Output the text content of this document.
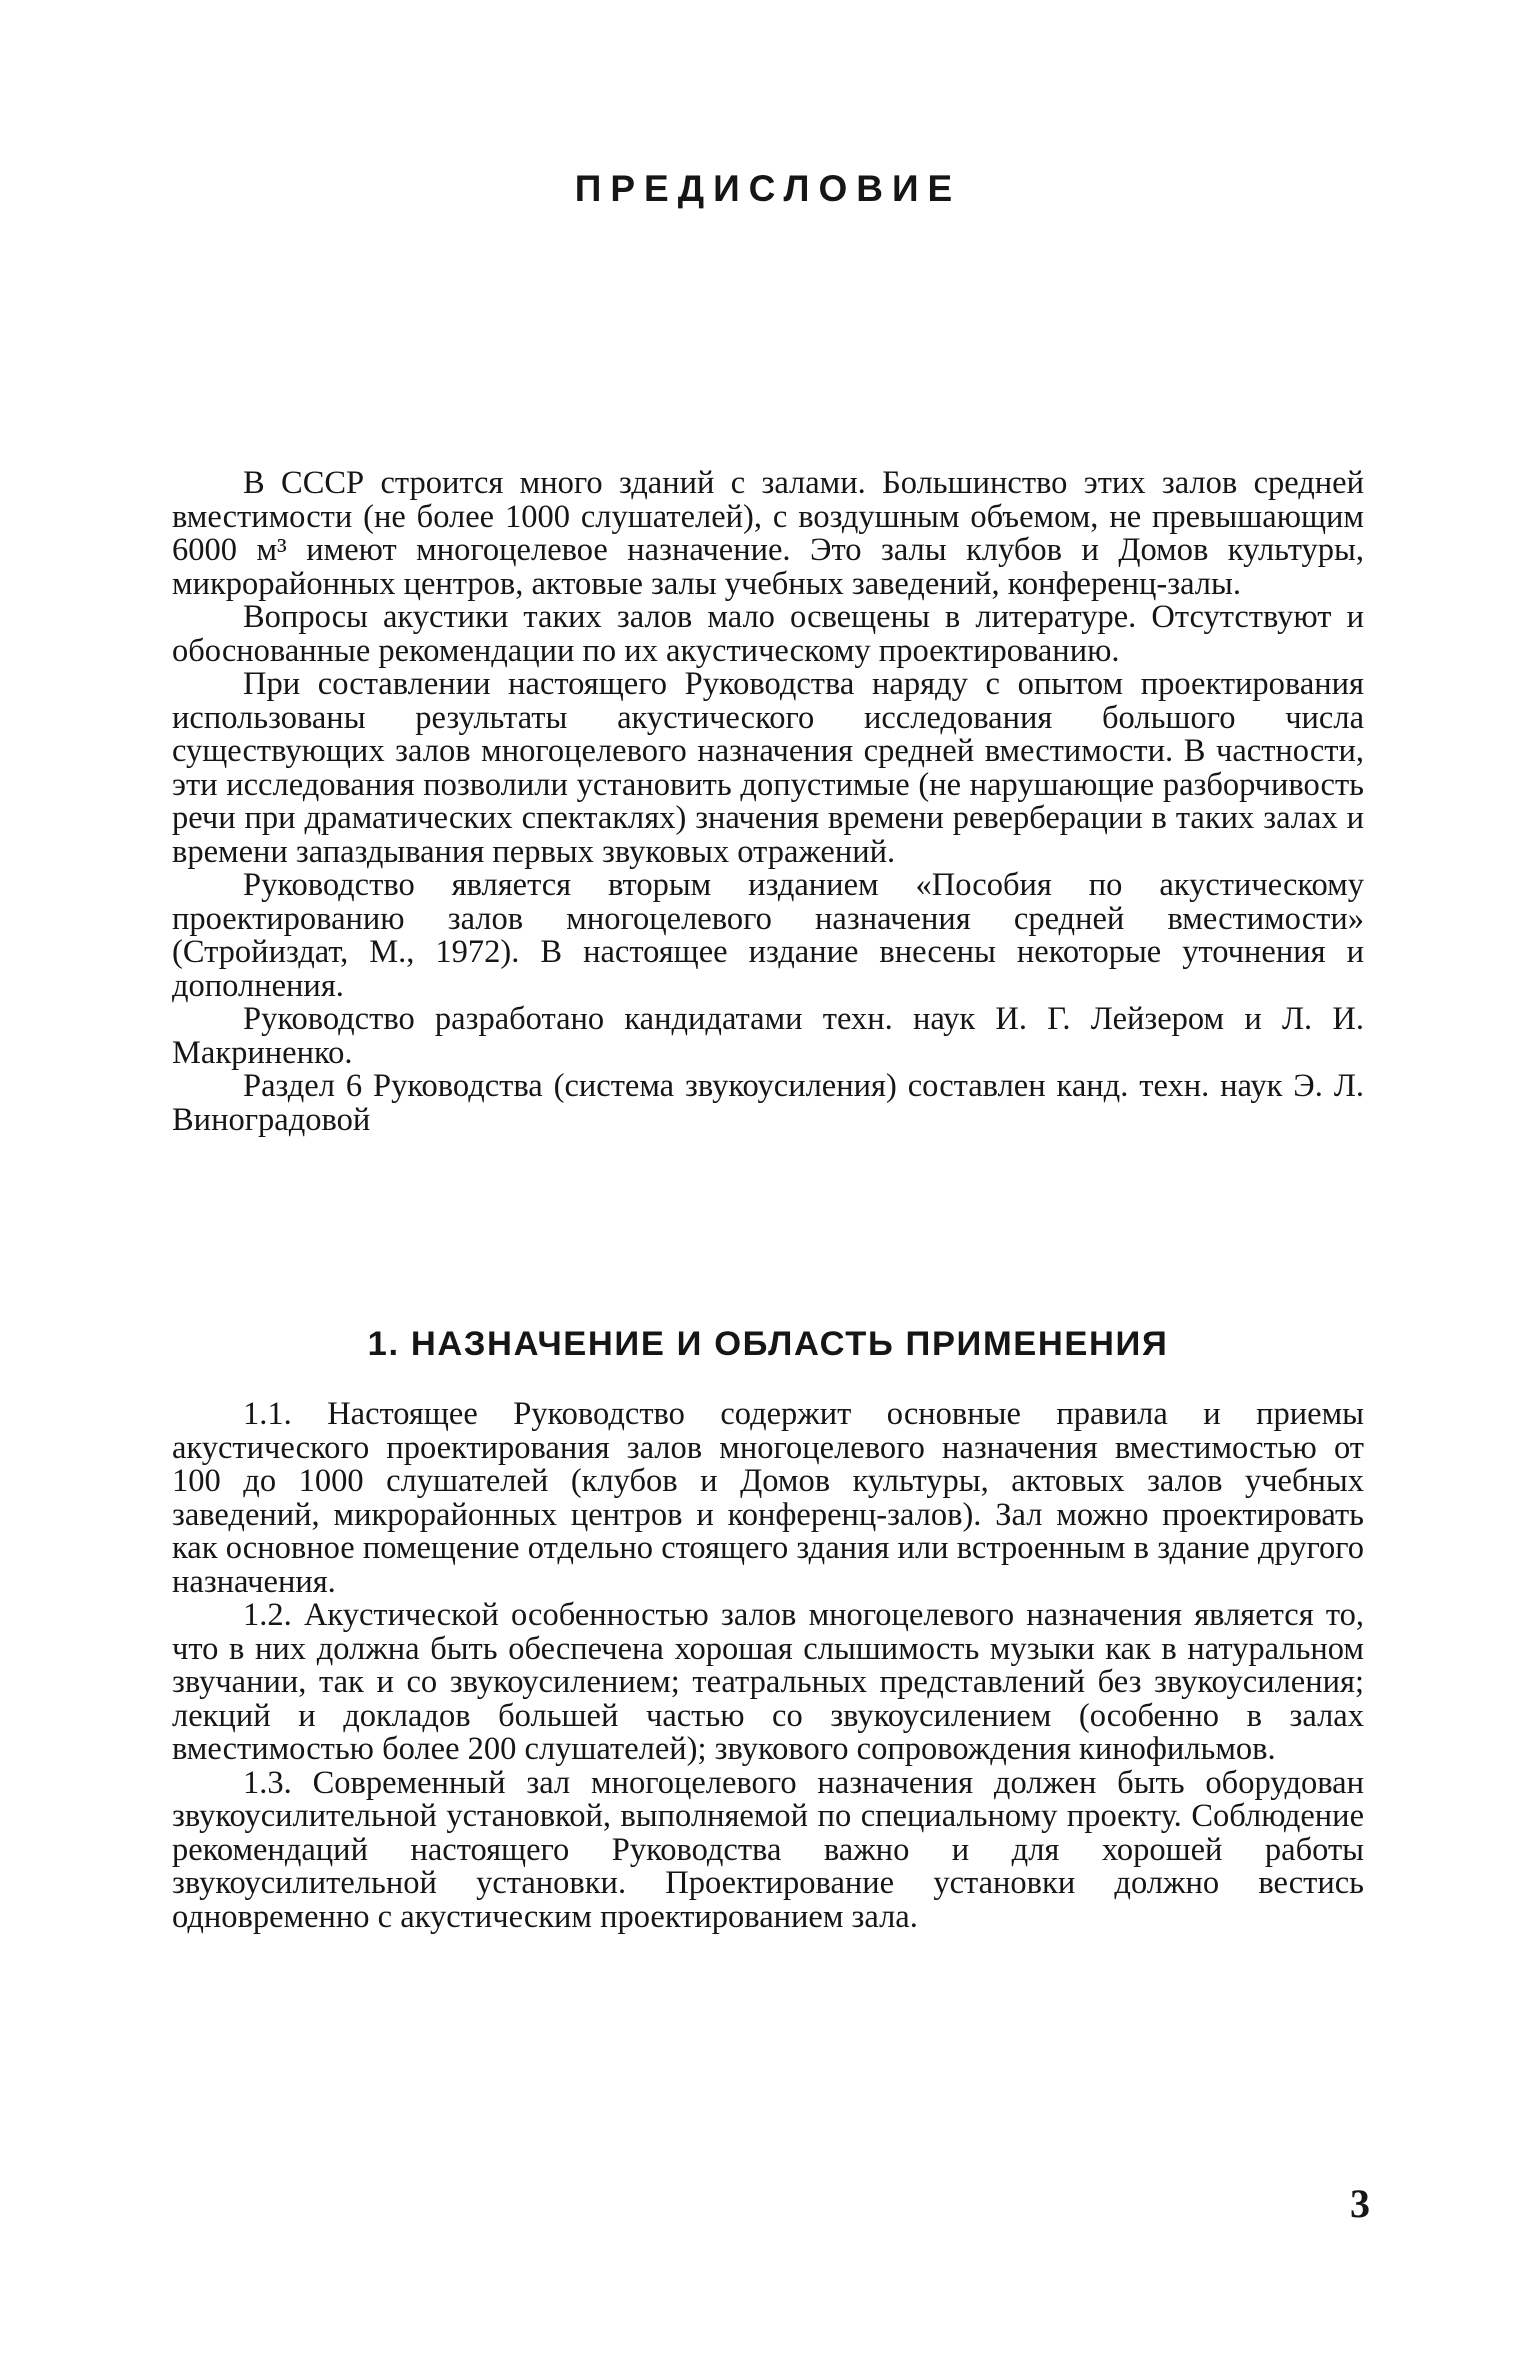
ПРЕДИСЛОВИЕ

В СССР строится много зданий с залами. Большинство этих залов средней вместимости (не более 1000 слушателей), с воздушным объемом, не превышающим 6000 м³ имеют многоцелевое назначение. Это залы клубов и Домов культуры, микрорайонных центров, актовые залы учебных заведений, конференц-залы.

Вопросы акустики таких залов мало освещены в литературе. Отсутствуют и обоснованные рекомендации по их акустическому проектированию.

При составлении настоящего Руководства наряду с опытом проектирования использованы результаты акустического исследования большого числа существующих залов многоцелевого назначения средней вместимости. В частности, эти исследования позволили установить допустимые (не нарушающие разборчивость речи при драматических спектаклях) значения времени реверберации в таких залах и времени запаздывания первых звуковых отражений.

Руководство является вторым изданием «Пособия по акустическому проектированию залов многоцелевого назначения средней вместимости» (Стройиздат, М., 1972). В настоящее издание внесены некоторые уточнения и дополнения.

Руководство разработано кандидатами техн. наук И. Г. Лейзером и Л. И. Макриненко.

Раздел 6 Руководства (система звукоусиления) составлен канд. техн. наук Э. Л. Виноградовой

1. НАЗНАЧЕНИЕ И ОБЛАСТЬ ПРИМЕНЕНИЯ

1.1. Настоящее Руководство содержит основные правила и приемы акустического проектирования залов многоцелевого назначения вместимостью от 100 до 1000 слушателей (клубов и Домов культуры, актовых залов учебных заведений, микрорайонных центров и конференц-залов). Зал можно проектировать как основное помещение отдельно стоящего здания или встроенным в здание другого назначения.

1.2. Акустической особенностью залов многоцелевого назначения является то, что в них должна быть обеспечена хорошая слышимость музыки как в натуральном звучании, так и со звукоусилением; театральных представлений без звукоусиления; лекций и докладов большей частью со звукоусилением (особенно в залах вместимостью более 200 слушателей); звукового сопровождения кинофильмов.

1.3. Современный зал многоцелевого назначения должен быть оборудован звукоусилительной установкой, выполняемой по специальному проекту. Соблюдение рекомендаций настоящего Руководства важно и для хорошей работы звукоусилительной установки. Проектирование установки должно вестись одновременно с акустическим проектированием зала.

3
